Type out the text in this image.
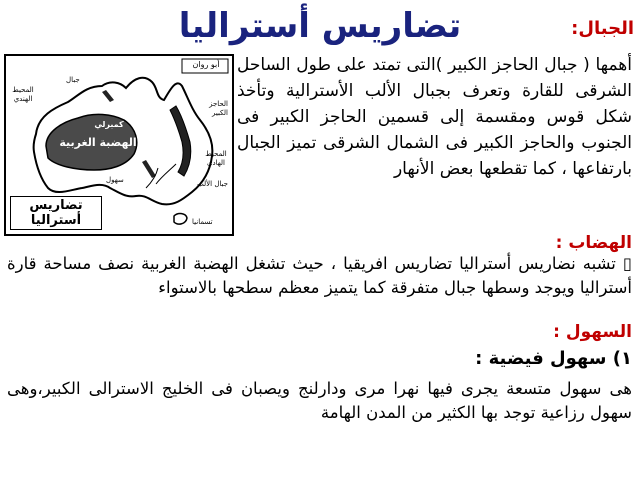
تضاريس أستراليا	الجبال:
أهمها ( جبال الحاجز الكبير )التى تمتد على طول الساحل الشرقى للقارة وتعرف بجبال الألب الأسترالية وتأخذ شكل قوس ومقسمة إلى قسمين الحاجز الكبير فى الجنوب والحاجز الكبير فى الشمال الشرقى تميز الجبال بارتفاعها ، كما تقطعها بعض الأنهار
أبو روان
الهضبة الغربية
كمبرلي
المحيط الهندي
المحيط الهادي
جبال
الحاجز الكبير
جبال الألب
سهول
تسمانيا
تضاريس أستراليا
الهضاب :
▯ تشبه نضاريس أستراليا تضاريس افريقيا ، حيث تشغل الهضبة الغربية نصف مساحة قارة أستراليا ويوجد وسطها جبال متفرقة كما يتميز معظم سطحها بالاستواء
السهول :
١) سهول فيضية :
هى سهول متسعة يجرى فيها نهرا مرى ودارلنج ويصبان فى الخليج الاسترالى الكبير،وهى سهول رزاعية توجد بها الكثير من المدن الهامة
